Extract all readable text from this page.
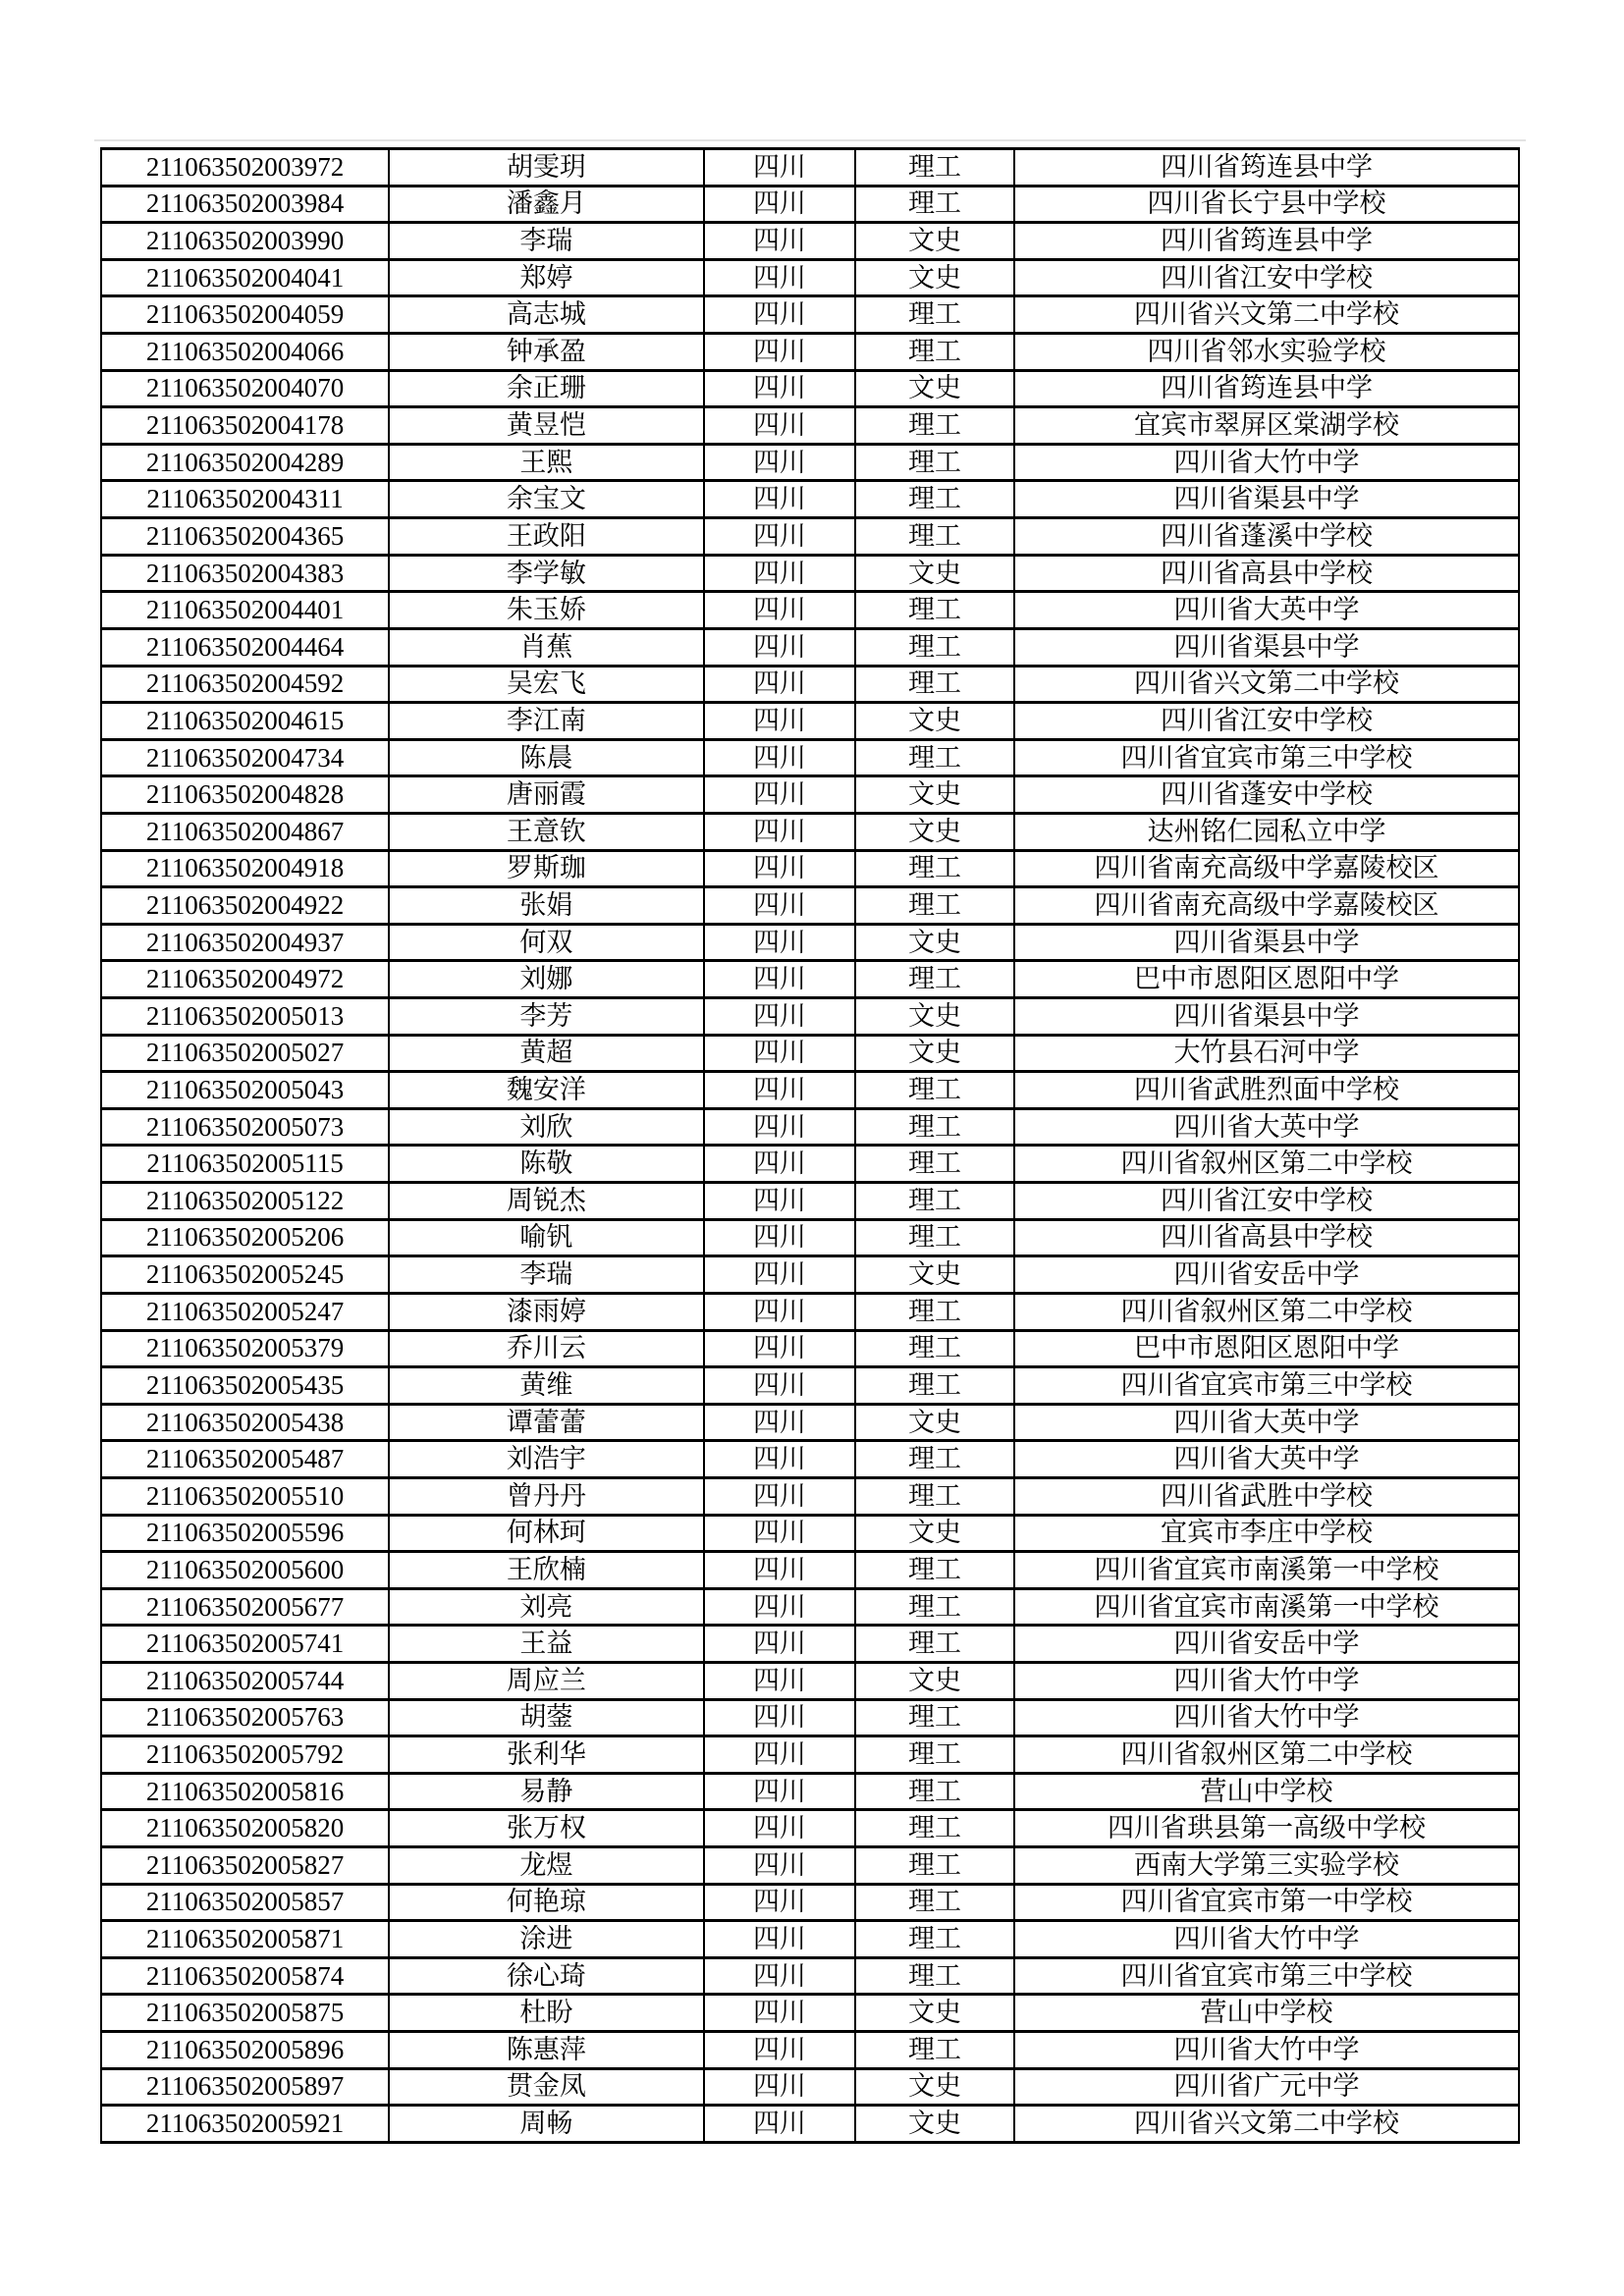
211063502003972	胡雯玥	四川	理工	四川省筠连县中学
211063502003984	潘鑫月	四川	理工	四川省长宁县中学校
211063502003990	李瑞	四川	文史	四川省筠连县中学
211063502004041	郑婷	四川	文史	四川省江安中学校
211063502004059	高志城	四川	理工	四川省兴文第二中学校
211063502004066	钟承盈	四川	理工	四川省邻水实验学校
211063502004070	余正珊	四川	文史	四川省筠连县中学
211063502004178	黄昱恺	四川	理工	宜宾市翠屏区棠湖学校
211063502004289	王熙	四川	理工	四川省大竹中学
211063502004311	余宝文	四川	理工	四川省渠县中学
211063502004365	王政阳	四川	理工	四川省蓬溪中学校
211063502004383	李学敏	四川	文史	四川省高县中学校
211063502004401	朱玉娇	四川	理工	四川省大英中学
211063502004464	肖蕉	四川	理工	四川省渠县中学
211063502004592	吴宏飞	四川	理工	四川省兴文第二中学校
211063502004615	李江南	四川	文史	四川省江安中学校
211063502004734	陈晨	四川	理工	四川省宜宾市第三中学校
211063502004828	唐丽霞	四川	文史	四川省蓬安中学校
211063502004867	王意钦	四川	文史	达州铭仁园私立中学
211063502004918	罗斯珈	四川	理工	四川省南充高级中学嘉陵校区
211063502004922	张娟	四川	理工	四川省南充高级中学嘉陵校区
211063502004937	何双	四川	文史	四川省渠县中学
211063502004972	刘娜	四川	理工	巴中市恩阳区恩阳中学
211063502005013	李芳	四川	文史	四川省渠县中学
211063502005027	黄超	四川	文史	大竹县石河中学
211063502005043	魏安洋	四川	理工	四川省武胜烈面中学校
211063502005073	刘欣	四川	理工	四川省大英中学
211063502005115	陈敬	四川	理工	四川省叙州区第二中学校
211063502005122	周锐杰	四川	理工	四川省江安中学校
211063502005206	喻钒	四川	理工	四川省高县中学校
211063502005245	李瑞	四川	文史	四川省安岳中学
211063502005247	漆雨婷	四川	理工	四川省叙州区第二中学校
211063502005379	乔川云	四川	理工	巴中市恩阳区恩阳中学
211063502005435	黄维	四川	理工	四川省宜宾市第三中学校
211063502005438	谭蕾蕾	四川	文史	四川省大英中学
211063502005487	刘浩宇	四川	理工	四川省大英中学
211063502005510	曾丹丹	四川	理工	四川省武胜中学校
211063502005596	何林珂	四川	文史	宜宾市李庄中学校
211063502005600	王欣楠	四川	理工	四川省宜宾市南溪第一中学校
211063502005677	刘亮	四川	理工	四川省宜宾市南溪第一中学校
211063502005741	王益	四川	理工	四川省安岳中学
211063502005744	周应兰	四川	文史	四川省大竹中学
211063502005763	胡蓥	四川	理工	四川省大竹中学
211063502005792	张利华	四川	理工	四川省叙州区第二中学校
211063502005816	易静	四川	理工	营山中学校
211063502005820	张万权	四川	理工	四川省珙县第一高级中学校
211063502005827	龙煜	四川	理工	西南大学第三实验学校
211063502005857	何艳琼	四川	理工	四川省宜宾市第一中学校
211063502005871	涂进	四川	理工	四川省大竹中学
211063502005874	徐心琦	四川	理工	四川省宜宾市第三中学校
211063502005875	杜盼	四川	文史	营山中学校
211063502005896	陈惠萍	四川	理工	四川省大竹中学
211063502005897	贯金凤	四川	文史	四川省广元中学
211063502005921	周畅	四川	文史	四川省兴文第二中学校
